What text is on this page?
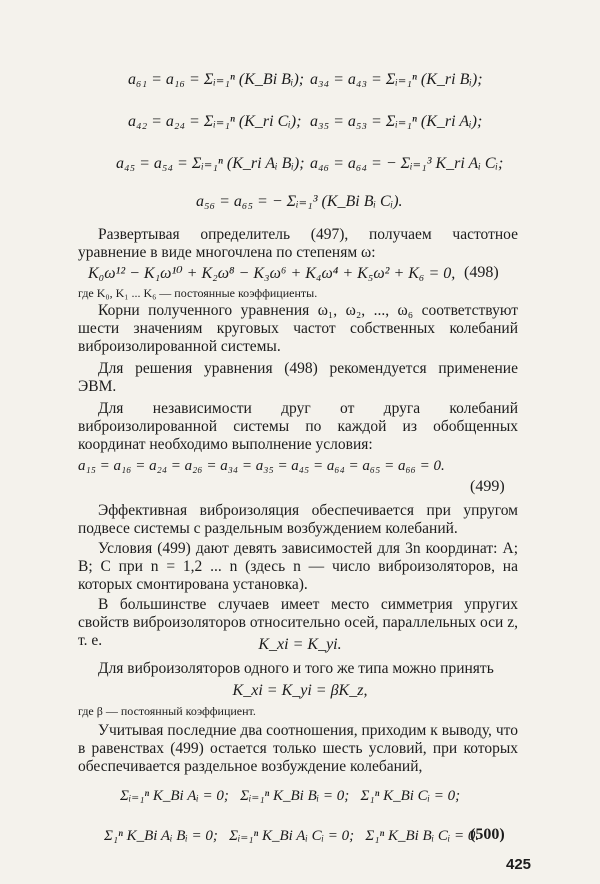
a₆₁ = a₁₆ = Σᵢ₌₁ⁿ (K_Bi Bᵢ); a₃₄ = a₄₃ = Σᵢ₌₁ⁿ (K_ri Bᵢ);
a₄₂ = a₂₄ = Σᵢ₌₁ⁿ (K_ri Cᵢ); a₃₅ = a₅₃ = Σᵢ₌₁ⁿ (K_ri Aᵢ);
a₄₅ = a₅₄ = Σᵢ₌₁ⁿ (K_ri Aᵢ Bᵢ); a₄₆ = a₆₄ = − Σᵢ₌₁³ K_ri Aᵢ Cᵢ;
a₅₆ = a₆₅ = − Σᵢ₌₁³ (K_Bi Bᵢ Cᵢ).
Развертывая определитель (497), получаем частотное уравнение в виде многочлена по степеням ω:
K₀ω¹² − K₁ω¹⁰ + K₂ω⁸ − K₃ω⁶ + K₄ω⁴ + K₅ω² + K₆ = 0, (498)
где K₀, K₁ ... K₆ — постоянные коэффициенты.
Корни полученного уравнения ω₁, ω₂, ..., ω₆ соответствуют шести значениям круговых частот собственных колебаний виброизолированной системы.
Для решения уравнения (498) рекомендуется применение ЭВМ.
Для независимости друг от друга колебаний виброизолированной системы по каждой из обобщенных координат необходимо выполнение условия:
a₁₅ = a₁₆ = a₂₄ = a₂₆ = a₃₄ = a₃₅ = a₄₅ = a₆₄ = a₆₅ = a₆₆ = 0.
(499)
Эффективная виброизоляция обеспечивается при упругом подвесе системы с раздельным возбуждением колебаний.
Условия (499) дают девять зависимостей для 3n координат: A; B; C при n = 1,2 ... n (здесь n — число виброизоляторов, на которых смонтирована установка).
В большинстве случаев имеет место симметрия упругих свойств виброизоляторов относительно осей, параллельных оси z, т. е.	K_xi = K_yi.
Для виброизоляторов одного и того же типа можно принять
K_xi = K_yi = βK_z,
где β — постоянный коэффициент.
Учитывая последние два соотношения, приходим к выводу, что в равенствах (499) остается только шесть условий, при которых обеспечивается раздельное возбуждение колебаний,
Σᵢ₌₁ⁿ K_Bi Aᵢ = 0;   Σᵢ₌₁ⁿ K_Bi Bᵢ = 0;   Σ₁ⁿ K_Bi Cᵢ = 0;
Σ₁ⁿ K_Bi Aᵢ Bᵢ = 0;   Σᵢ₌₁ⁿ K_Bi Aᵢ Cᵢ = 0;   Σ₁ⁿ K_Bi Bᵢ Cᵢ = 0.
(500)
425
